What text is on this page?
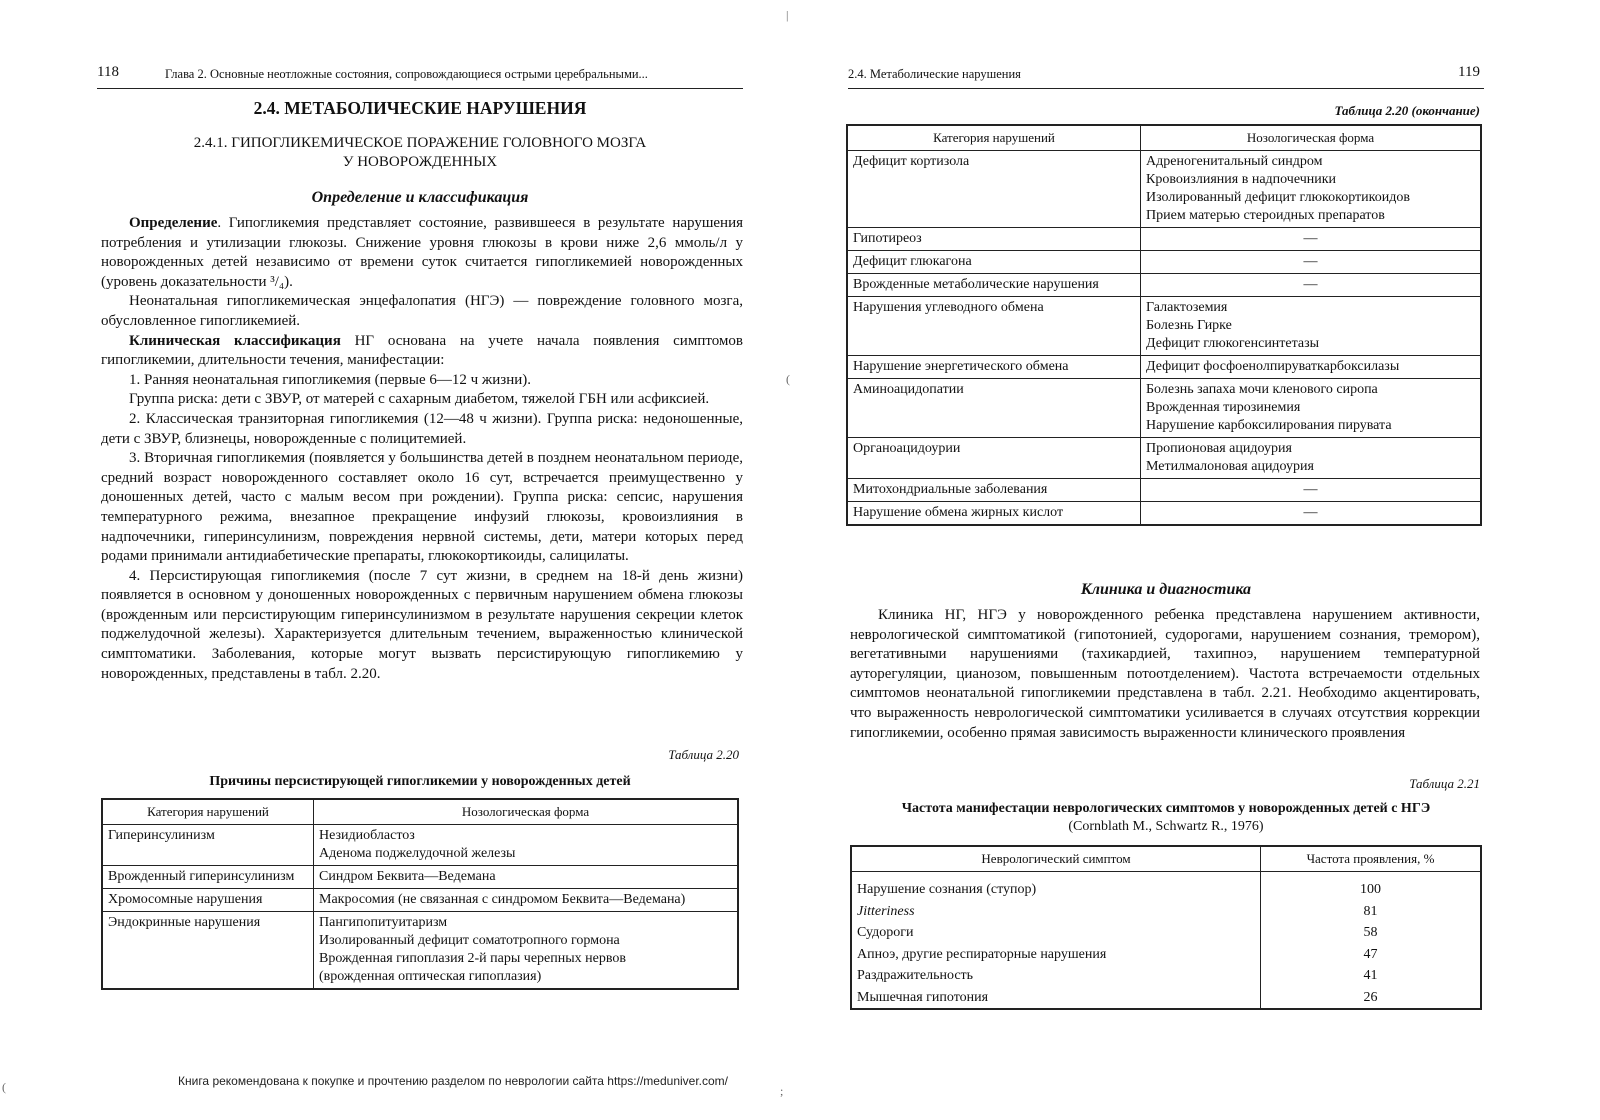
118	Глава 2. Основные неотложные состояния, сопровождающиеся острыми церебральными...
2.4. МЕТАБОЛИЧЕСКИЕ НАРУШЕНИЯ
2.4.1. ГИПОГЛИКЕМИЧЕСКОЕ ПОРАЖЕНИЕ ГОЛОВНОГО МОЗГА
У НОВОРОЖДЕННЫХ
Определение и классификация

Определение. Гипогликемия представляет состояние, развившееся в результате нарушения потребления и утилизации глюкозы. Снижение уровня глюкозы в крови ниже 2,6 ммоль/л у новорожденных детей независимо от времени суток считается гипогликемией новорожденных (уровень доказательности ³/₄).

Неонатальная гипогликемическая энцефалопатия (НГЭ) — повреждение головного мозга, обусловленное гипогликемией.

Клиническая классификация НГ основана на учете начала появления симптомов гипогликемии, длительности течения, манифестации:

1. Ранняя неонатальная гипогликемия (первые 6—12 ч жизни).

Группа риска: дети с ЗВУР, от матерей с сахарным диабетом, тяжелой ГБН или асфиксией.

2. Классическая транзиторная гипогликемия (12—48 ч жизни). Группа риска: недоношенные, дети с ЗВУР, близнецы, новорожденные с полицитемией.

3. Вторичная гипогликемия (появляется у большинства детей в позднем неонатальном периоде, средний возраст новорожденного составляет около 16 сут, встречается преимущественно у доношенных детей, часто с малым весом при рождении). Группа риска: сепсис, нарушения температурного режима, внезапное прекращение инфузий глюкозы, кровоизлияния в надпочечники, гиперинсулинизм, повреждения нервной системы, дети, матери которых перед родами принимали антидиабетические препараты, глюкокортикоиды, салицилаты.

4. Персистирующая гипогликемия (после 7 сут жизни, в среднем на 18-й день жизни) появляется в основном у доношенных новорожденных с первичным нарушением обмена глюкозы (врожденным или персистирующим гиперинсулинизмом в результате нарушения секреции клеток поджелудочной железы). Характеризуется длительным течением, выраженностью клинической симптоматики. Заболевания, которые могут вызвать персистирующую гипогликемию у новорожденных, представлены в табл. 2.20.

Таблица 2.20
Причины персистирующей гипогликемии у новорожденных детей
Категория нарушений	Нозологическая форма
Гиперинсулинизм	Незидиобластоз
Аденома поджелудочной железы

Врожденный гиперинсулинизм	Синдром Беквита—Ведемана

Хромосомные нарушения	Макросомия (не связанная с синдромом Беквита—Ведемана)

Эндокринные нарушения	Пангипопитуитаризм
Изолированный дефицит соматотропного гормона
Врожденная гипоплазия 2-й пары черепных нервов
(врожденная оптическая гипоплазия)
2.4. Метаболические нарушения	119
Таблица 2.20 (окончание)
Категория нарушений	Нозологическая форма
Дефицит кортизола	Адреногенитальный синдром
Кровоизлияния в надпочечники
Изолированный дефицит глюкокортикоидов
Прием матерью стероидных препаратов

Гипотиреоз	—

Дефицит глюкагона	—

Врожденные метаболические нарушения	—

Нарушения углеводного обмена	Галактоземия
Болезнь Гирке
Дефицит глюкогенсинтетазы

Нарушение энергетического обмена	Дефицит фосфоенолпируваткарбоксилазы

Аминоацидопатии	Болезнь запаха мочи кленового сиропа
Врожденная тирозинемия
Нарушение карбоксилирования пирувата

Органоацидоурии	Пропионовая ацидоурия
Метилмалоновая ацидоурия

Митохондриальные заболевания	—

Нарушение обмена жирных кислот	—
Клиника и диагностика

Клиника НГ, НГЭ у новорожденного ребенка представлена нарушением активности, неврологической симптоматикой (гипотонией, судорогами, нарушением сознания, тремором), вегетативными нарушениями (тахикардией, тахипноэ, нарушением температурной ауторегуляции, цианозом, повышенным потоотделением). Частота встречаемости отдельных симптомов неонатальной гипогликемии представлена в табл. 2.21. Необходимо акцентировать, что выраженность неврологической симптоматики усиливается в случаях отсутствия коррекции гипогликемии, особенно прямая зависимость выраженности клинического проявления

Таблица 2.21
Частота манифестации неврологических симптомов у новорожденных детей с НГЭ
(Cornblath M., Schwartz R., 1976)
Неврологический симптом	Частота проявления, %
Нарушение сознания (ступор)	100
Jitteriness	81
Судороги	58
Апноэ, другие респираторные нарушения	47
Раздражительность	41
Мышечная гипотония	26
|
(
;
(	Книга рекомендована к покупке и прочтению разделом по неврологии сайта https://meduniver.com/
